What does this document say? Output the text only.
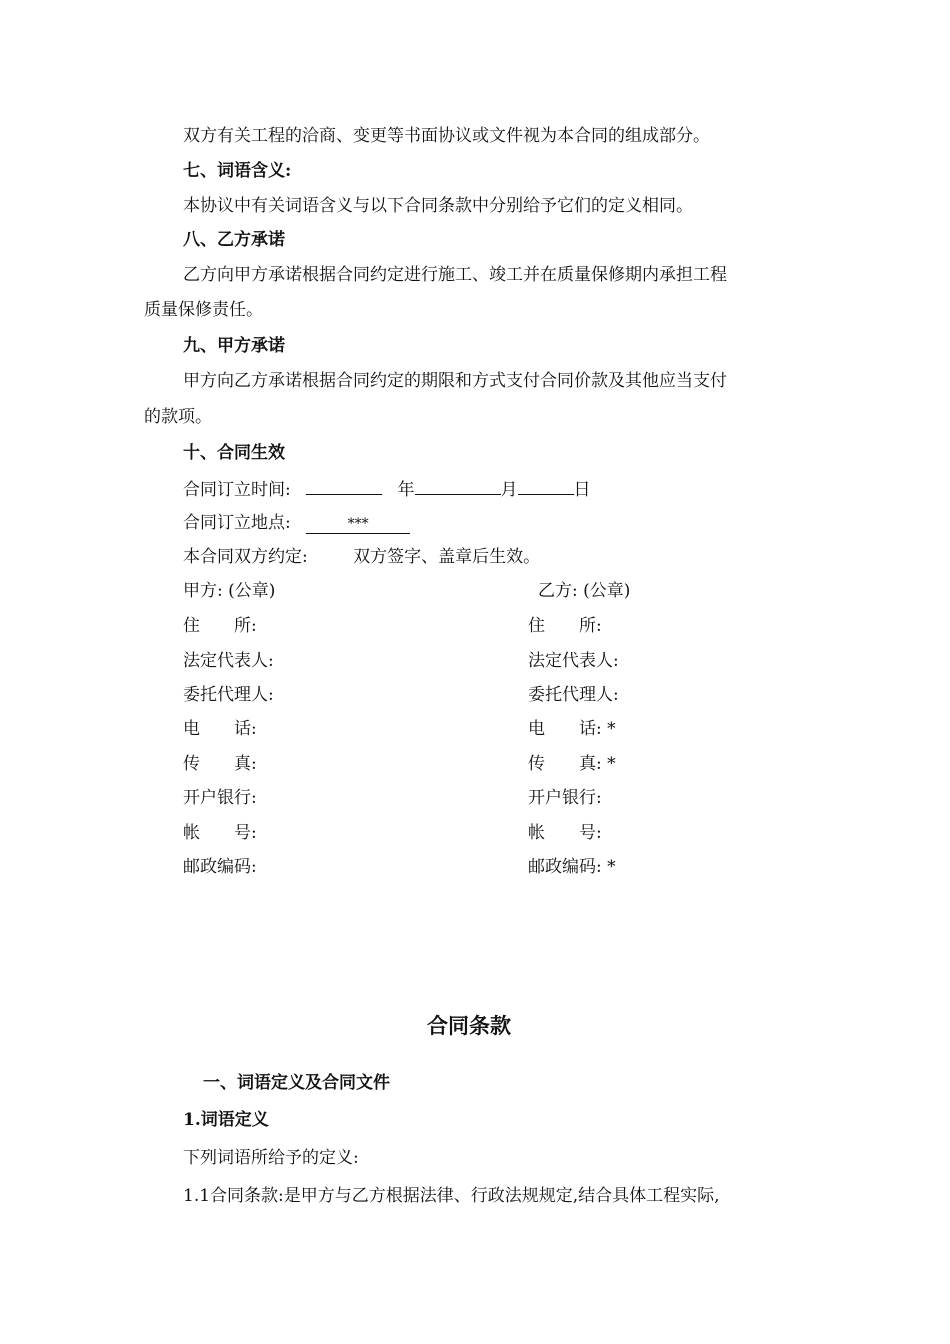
双方有关工程的洽商、变更等书面协议或文件视为本合同的组成部分。
七、词语含义:
本协议中有关词语含义与以下合同条款中分别给予它们的定义相同。
八、乙方承诺
乙方向甲方承诺根据合同约定进行施工、竣工并在质量保修期内承担工程
质量保修责任。
九、甲方承诺
甲方向乙方承诺根据合同约定的期限和方式支付合同价款及其他应当支付
的款项。
十、合同生效
合同订立时间:	年	月	日
合同订立地点:	***
本合同双方约定:	双方签字、盖章后生效。
甲方: (公章)
住　　所:
法定代表人:
委托代理人:
电　　话:
传　　真:
开户银行:
帐　　号:
邮政编码:
乙方: (公章)
住　　所:
法定代表人:
委托代理人:
电　　话: *
传　　真: *
开户银行:
帐　　号:
邮政编码: *
合同条款
一、词语定义及合同文件
1.词语定义
下列词语所给予的定义:
1.1合同条款:是甲方与乙方根据法律、行政法规规定,结合具体工程实际,
